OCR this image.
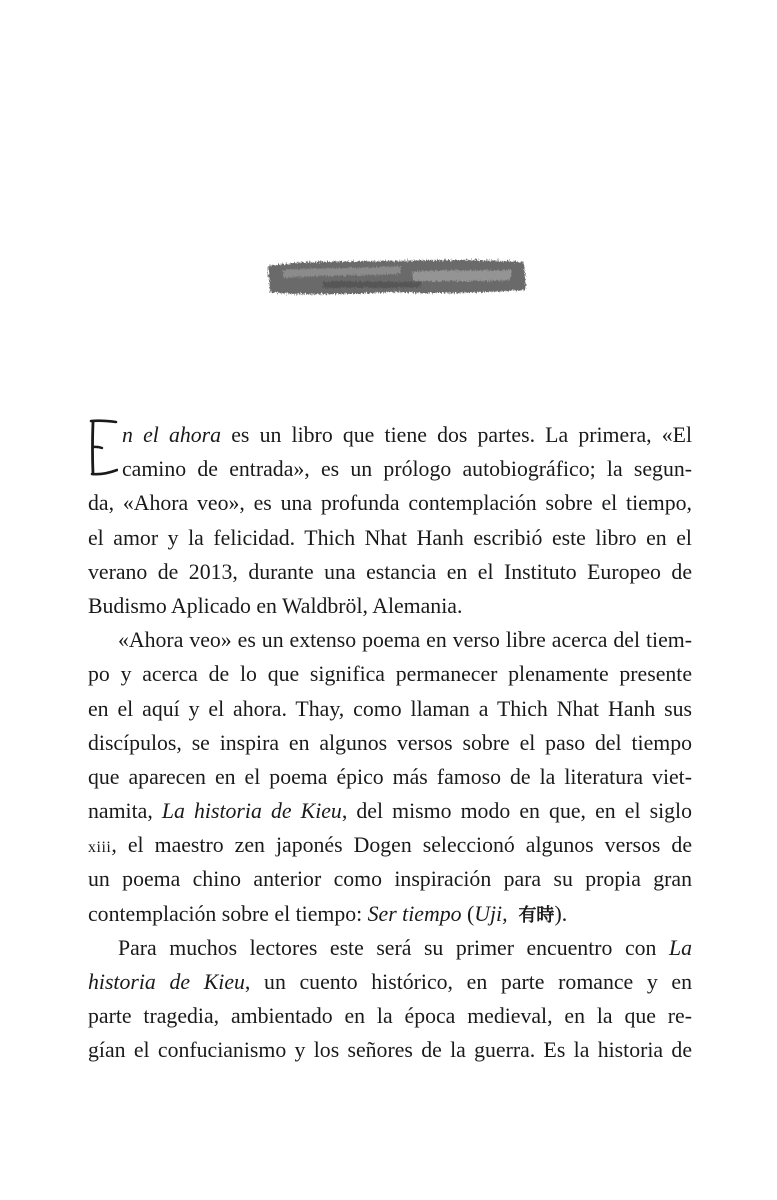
n el ahora es un libro que tiene dos partes. La primera, «El
camino de entrada», es un prólogo autobiográfico; la segun-
da, «Ahora veo», es una profunda contemplación sobre el tiempo,
el amor y la felicidad. Thich Nhat Hanh escribió este libro en el
verano de 2013, durante una estancia en el Instituto Europeo de
Budismo Aplicado en Waldbröl, Alemania.
«Ahora veo» es un extenso poema en verso libre acerca del tiem-
po y acerca de lo que significa permanecer plenamente presente
en el aquí y el ahora. Thay, como llaman a Thich Nhat Hanh sus
discípulos, se inspira en algunos versos sobre el paso del tiempo
que aparecen en el poema épico más famoso de la literatura viet-
namita, La historia de Kieu, del mismo modo en que, en el siglo
xiii, el maestro zen japonés Dogen seleccionó algunos versos de
un poema chino anterior como inspiración para su propia gran
contemplación sobre el tiempo: Ser tiempo (Uji, 有時).
Para muchos lectores este será su primer encuentro con La
historia de Kieu, un cuento histórico, en parte romance y en
parte tragedia, ambientado en la época medieval, en la que re-
gían el confucianismo y los señores de la guerra. Es la historia de
